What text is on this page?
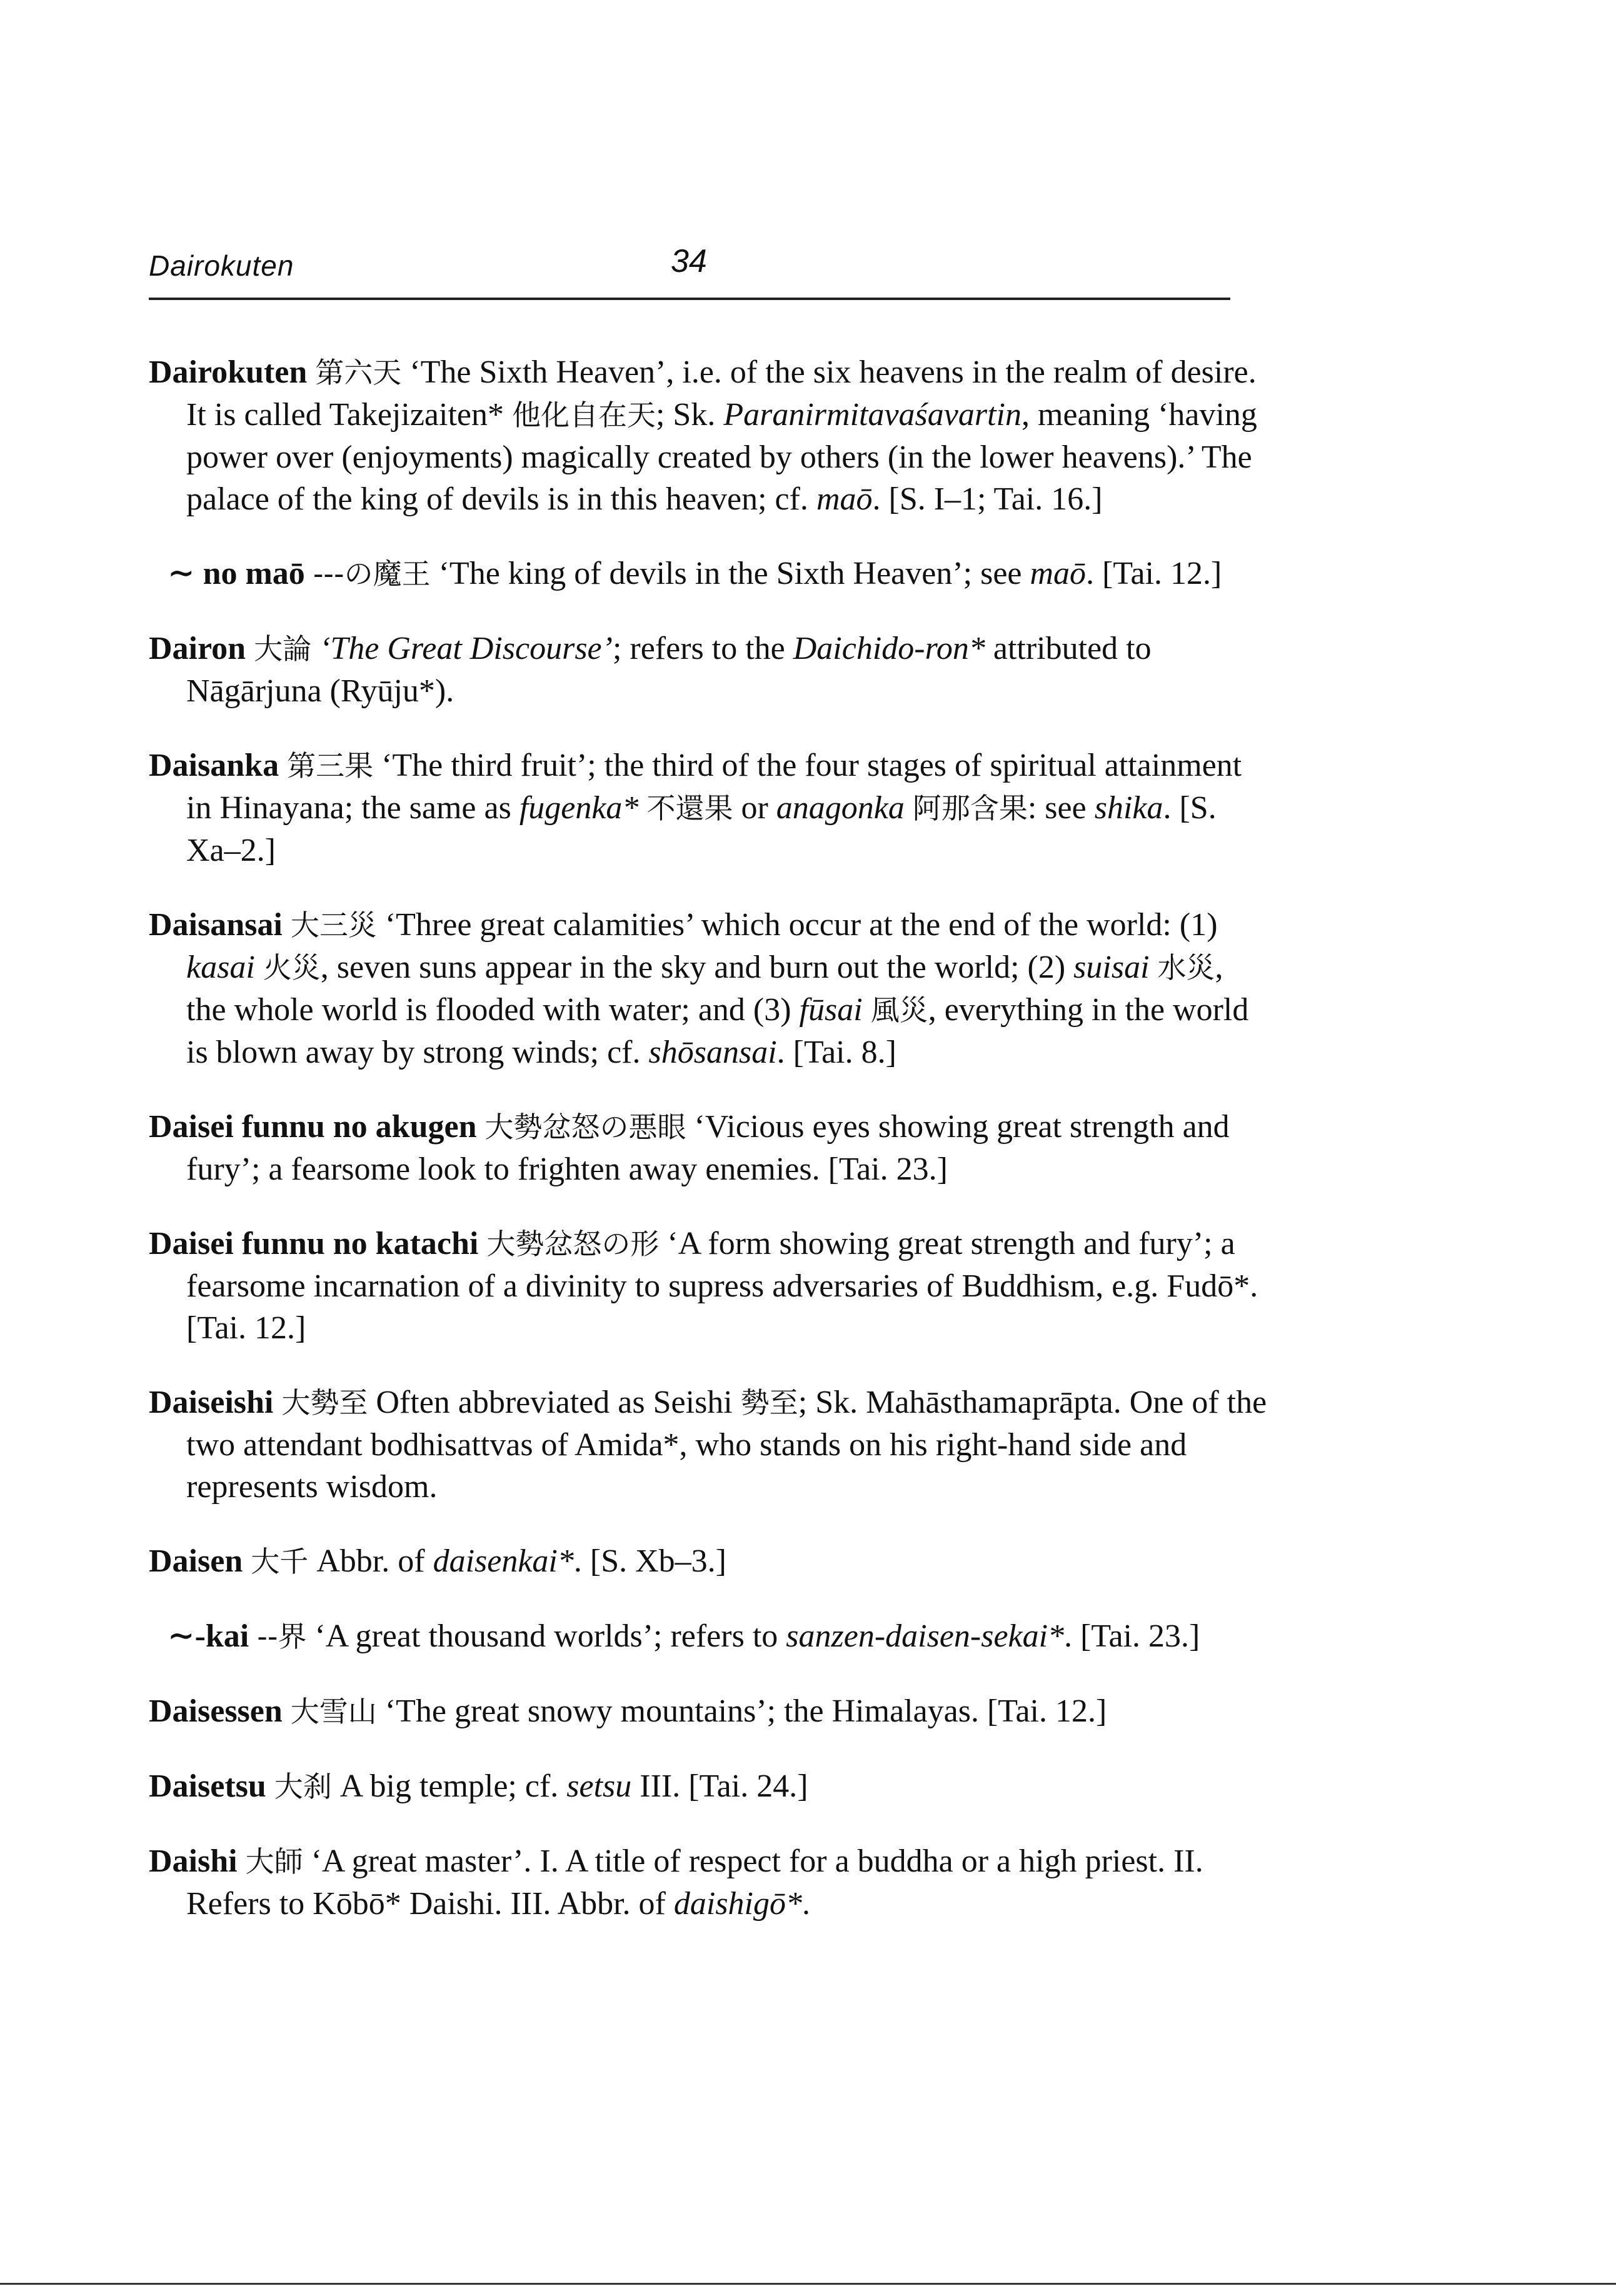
Dairokuten	34

Dairokuten 第六天 ‘The Sixth Heaven’, i.e. of the six heavens in the realm of desire. It is called Takejizaiten* 他化自在天; Sk. Paranirmitavaśavartin, meaning ‘having power over (enjoyments) magically created by others (in the lower heavens).’ The palace of the king of devils is in this heaven; cf. maō. [S. I–1; Tai. 16.]

∼ no maō ---の魔王 ‘The king of devils in the Sixth Heaven’; see maō. [Tai. 12.]

Dairon 大論 ‘The Great Discourse’; refers to the Daichido-ron* attributed to Nāgārjuna (Ryūju*).

Daisanka 第三果 ‘The third fruit’; the third of the four stages of spiritual attainment in Hinayana; the same as fugenka* 不還果 or anagonka 阿那含果: see shika. [S. Xa–2.]

Daisansai 大三災 ‘Three great calamities’ which occur at the end of the world: (1) kasai 火災, seven suns appear in the sky and burn out the world; (2) suisai 水災, the whole world is flooded with water; and (3) fūsai 風災, everything in the world is blown away by strong winds; cf. shōsansai. [Tai. 8.]

Daisei funnu no akugen 大勢忿怒の悪眼 ‘Vicious eyes showing great strength and fury’; a fearsome look to frighten away enemies. [Tai. 23.]

Daisei funnu no katachi 大勢忿怒の形 ‘A form showing great strength and fury’; a fearsome incarnation of a divinity to supress adversaries of Buddhism, e.g. Fudō*. [Tai. 12.]

Daiseishi 大勢至 Often abbreviated as Seishi 勢至; Sk. Mahāsthamaprāpta. One of the two attendant bodhisattvas of Amida*, who stands on his right-hand side and represents wisdom.

Daisen 大千 Abbr. of daisenkai*. [S. Xb–3.]

∼-kai --界 ‘A great thousand worlds’; refers to sanzen-daisen-sekai*. [Tai. 23.]

Daisessen 大雪山 ‘The great snowy mountains’; the Himalayas. [Tai. 12.]

Daisetsu 大刹 A big temple; cf. setsu III. [Tai. 24.]

Daishi 大師 ‘A great master’. I. A title of respect for a buddha or a high priest. II. Refers to Kōbō* Daishi. III. Abbr. of daishigō*.
